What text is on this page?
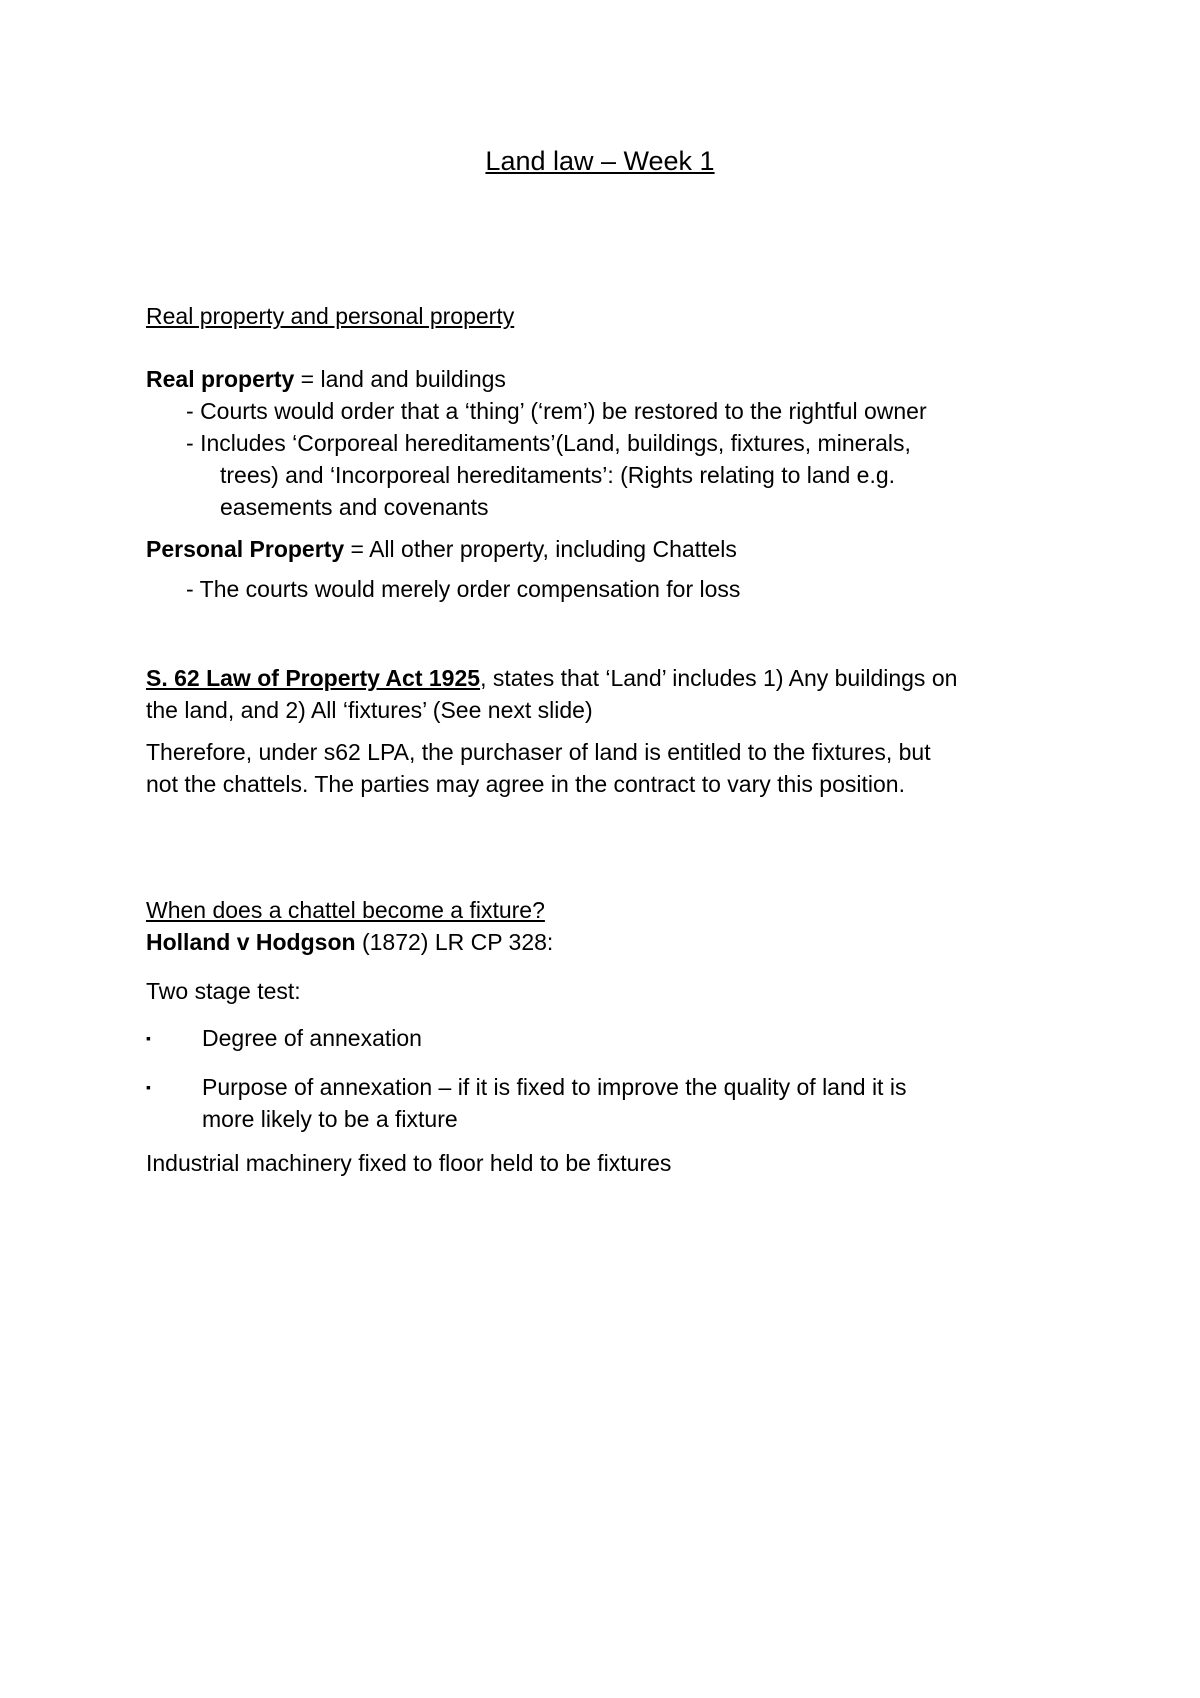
Land law – Week 1
Real property and personal property
Real property = land and buildings
- Courts would order that a ‘thing’ (‘rem’) be restored to the rightful owner
- Includes ‘Corporeal hereditaments’(Land, buildings, fixtures, minerals,
trees) and ‘Incorporeal hereditaments’: (Rights relating to land e.g.
easements and covenants
Personal Property = All other property, including Chattels
- The courts would merely order compensation for loss
S. 62 Law of Property Act 1925, states that ‘Land’ includes 1) Any buildings on
the land, and 2) All ‘fixtures’ (See next slide)
Therefore, under s62 LPA, the purchaser of land is entitled to the fixtures, but
not the chattels. The parties may agree in the contract to vary this position.
When does a chattel become a fixture?
Holland v Hodgson (1872) LR CP 328:
Two stage test:
▪ Degree of annexation
▪ Purpose of annexation – if it is fixed to improve the quality of land it is
more likely to be a fixture
Industrial machinery fixed to floor held to be fixtures
